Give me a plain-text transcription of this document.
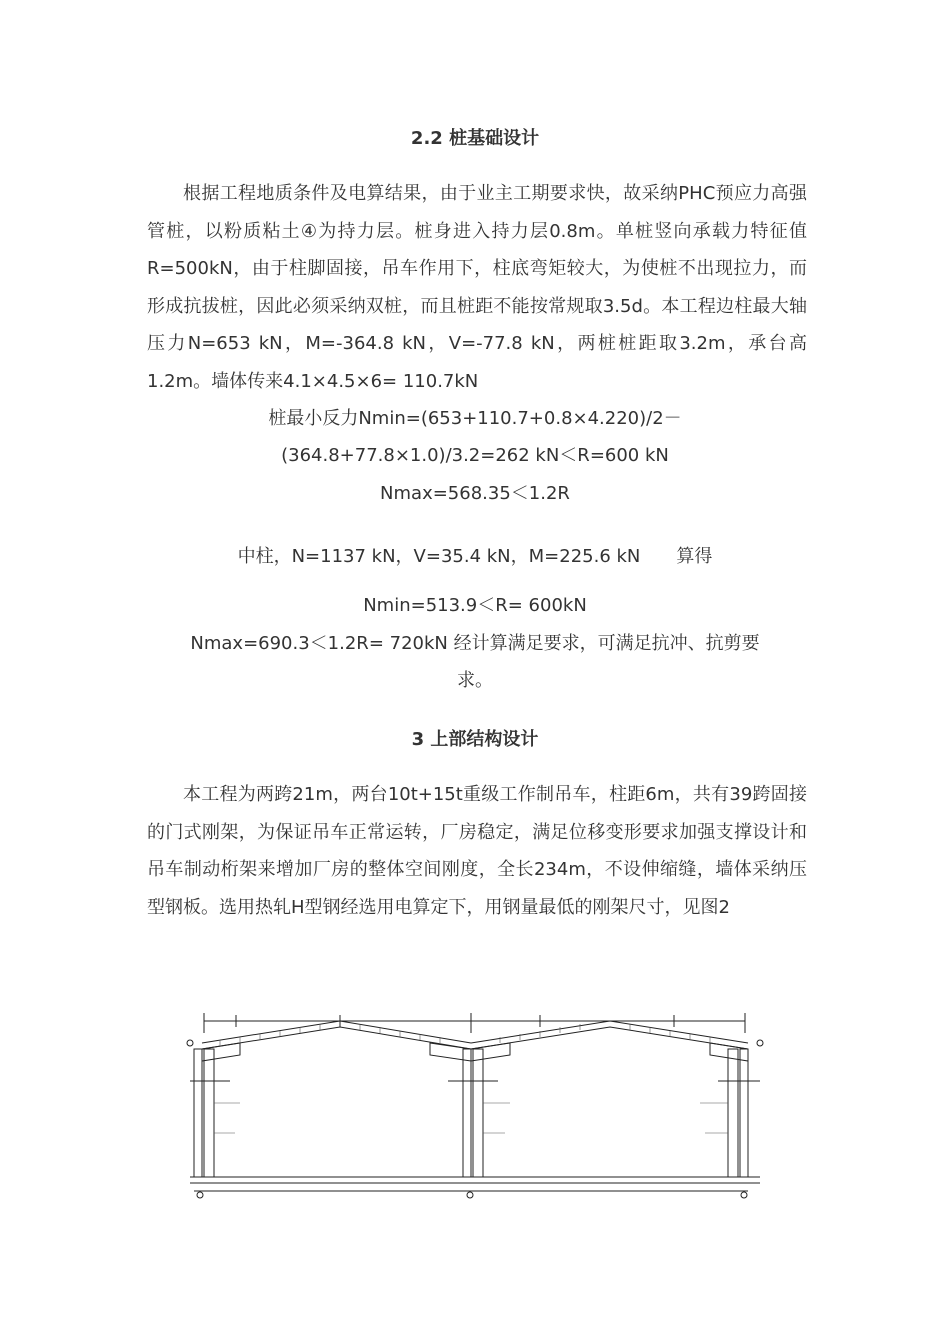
2.2 桩基础设计
根据工程地质条件及电算结果，由于业主工期要求快，故采纳PHC预应力高强管桩，以粉质粘土④为持力层。桩身进入持力层0.8m。单桩竖向承载力特征值R=500kN，由于柱脚固接，吊车作用下，柱底弯矩较大，为使桩不出现拉力，而形成抗拔桩，因此必须采纳双桩，而且桩距不能按常规取3.5d。本工程边柱最大轴压力N=653 kN，M=-364.8 kN，V=-77.8 kN，两桩桩距取3.2m，承台高1.2m。墙体传来4.1×4.5×6= 110.7kN
桩最小反力Nmin=(653+110.7+0.8×4.220)/2－
(364.8+77.8×1.0)/3.2=262 kN＜R=600 kN
Nmax=568.35＜1.2R
中柱，N=1137 kN，V=35.4 kN，M=225.6 kN　　算得
Nmin=513.9＜R= 600kN
Nmax=690.3＜1.2R= 720kN 经计算满足要求，可满足抗冲、抗剪要
求。
3 上部结构设计
本工程为两跨21m，两台10t+15t重级工作制吊车，柱距6m，共有39跨固接的门式刚架，为保证吊车正常运转，厂房稳定，满足位移变形要求加强支撑设计和吊车制动桁架来增加厂房的整体空间刚度，全长234m，不设伸缩缝，墙体采纳压型钢板。选用热轧H型钢经选用电算定下，用钢量最低的刚架尺寸，见图2
